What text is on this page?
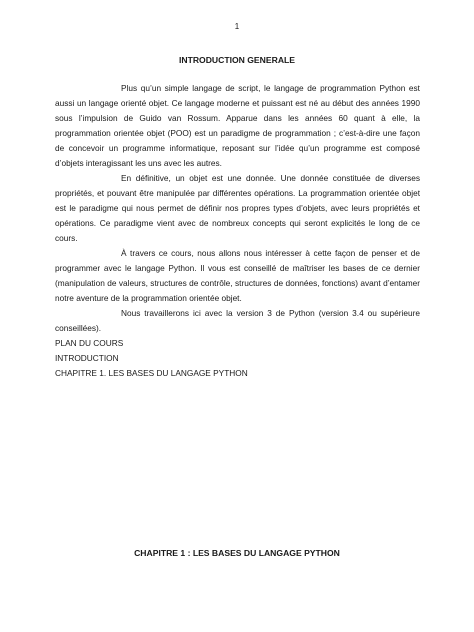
1
INTRODUCTION GENERALE

Plus qu’un simple langage de script, le langage de programmation Python est aussi un langage orienté objet. Ce langage moderne et puissant est né au début des années 1990 sous l’impulsion de Guido van Rossum. Apparue dans les années 60 quant à elle, la programmation orientée objet (POO) est un paradigme de programmation ; c’est-à-dire une façon de concevoir un programme informatique, reposant sur l’idée qu’un programme est composé d’objets interagissant les uns avec les autres.

En définitive, un objet est une donnée. Une donnée constituée de diverses propriétés, et pouvant être manipulée par différentes opérations. La programmation orientée objet est le paradigme qui nous permet de définir nos propres types d’objets, avec leurs propriétés et opérations. Ce paradigme vient avec de nombreux concepts qui seront explicités le long de ce cours.

À travers ce cours, nous allons nous intéresser à cette façon de penser et de programmer avec le langage Python. Il vous est conseillé de maîtriser les bases de ce dernier (manipulation de valeurs, structures de contrôle, structures de données, fonctions) avant d’entamer notre aventure de la programmation orientée objet.

Nous travaillerons ici avec la version 3 de Python (version 3.4 ou supérieure conseillées).

PLAN DU COURS

INTRODUCTION

CHAPITRE 1. LES BASES DU LANGAGE PYTHON

CHAPITRE 1 : LES BASES DU LANGAGE PYTHON
